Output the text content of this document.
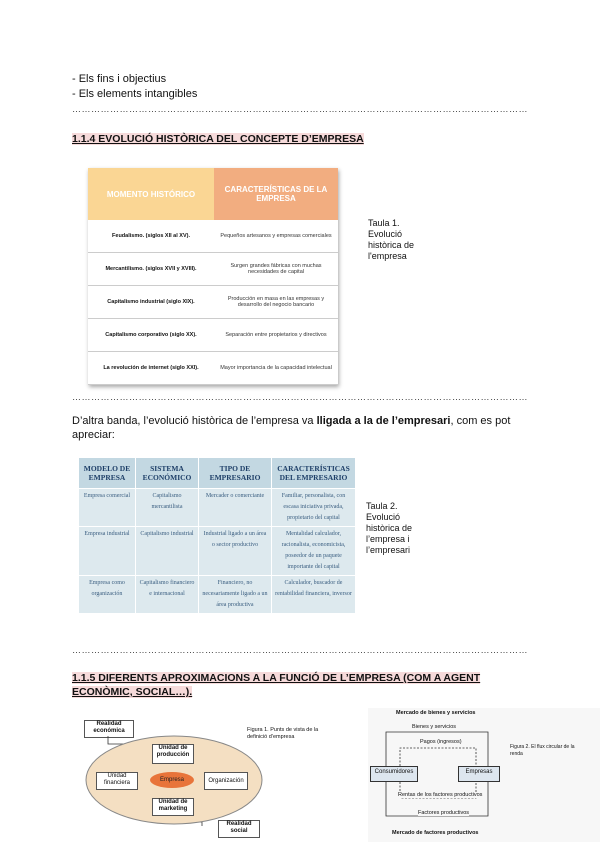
- Els fins i objectius
- Els elements intangibles
………………………………………………………………………………………………………………………………
1.1.4 EVOLUCIÓ HISTÒRICA DEL CONCEPTE D’EMPRESA
MOMENTO HISTÓRICO	CARACTERÍSTICAS DE LA EMPRESA
Feudalismo. (siglos XII al XV).	Pequeños artesanos y empresas comerciales
Mercantilismo. (siglos XVII y XVIII).	Surgen grandes fábricas con muchas necesidades de capital
Capitalismo industrial (siglo XIX).	Producción en masa en las empresas y desarrollo del negocio bancario
Capitalismo corporativo (siglo XX).	Separación entre propietarios y directivos
La revolución de internet (siglo XXI).	Mayor importancia de la capacidad intelectual
Taula 1. Evolució històrica de l'empresa
………………………………………………………………………………………………………………………………
D’altra banda, l’evolució històrica de l’empresa va lligada a la de l’empresari, com es pot apreciar:
MODELO DE EMPRESA	SISTEMA ECONÓMICO	TIPO DE EMPRESARIO	CARACTERÍSTICAS DEL EMPRESARIO
Empresa comercial	Capitalismo mercantilista	Mercader o comerciante	Familiar, personalista, con escasa iniciativa privada, propietario del capital
Empresa industrial	Capitalismo industrial	Industrial ligado a un área o sector productivo	Mentalidad calculador, racionalista, economicista, poseedor de un paquete importante del capital
Empresa como organización	Capitalismo financiero e internacional	Financiero, no necesariamente ligado a un área productiva	Calculador, buscador de rentabilidad financiera, inversor
Taula 2. Evolució històrica de l’empresa i l’empresari
………………………………………………………………………………………………………………………………
1.1.5 DIFERENTS APROXIMACIONS A LA FUNCIÓ DE L’EMPRESA (COM A AGENT ECONÒMIC, SOCIAL…).
Realidad económica
Unidad de producción
Unidad financiera	Empresa	Organización
Unidad de marketing
Realidad social
Figura 1. Punts de vista de la definició d’empresa
Mercado de bienes y servicios
Bienes y servicios
Pagos (ingresos)
Consumidores	Empresas
Rentas de los factores productivos
Factores productivos
Mercado de factores productivos
Figura 2. El flux circular de la renda
